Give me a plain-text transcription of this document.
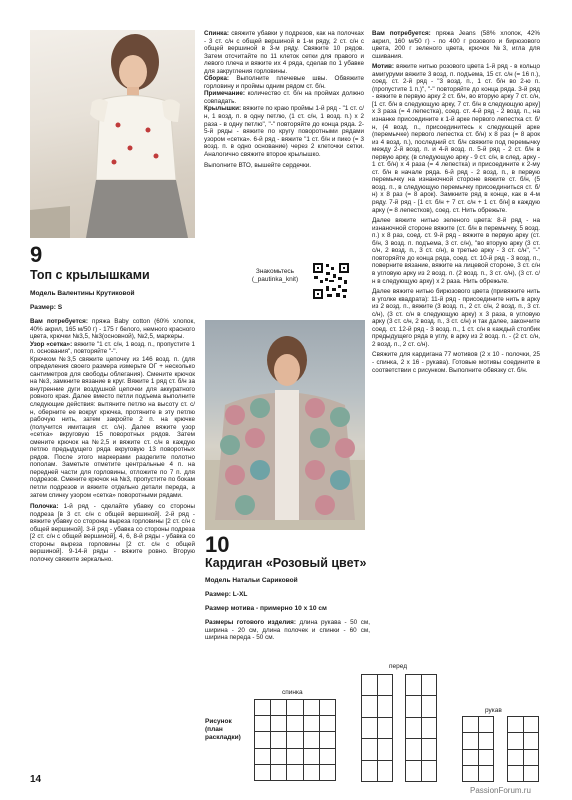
9
Топ с крылышками
Модель Валентины Крутиковой
Размер: S

Вам потребуется: пряжа Baby cotton (60% хлопок, 40% акрил, 165 м/50 г) - 175 г белого, немного красного цвета, крючки №3,5, №3(основной), №2,5, маркеры.

Узор «сетка»: вяжите "1 ст. с/н, 1 возд. п., пропустите 1 п. основания", повторяйте "-".

Крючком №3,5 свяжите цепочку из 146 возд. п. (для определения своего размера измерьте ОГ + несколько сантиметров для свободы облегания). Смените крючок на №3, замкните вязание в круг. Вяжите 1 ряд ст. б/н за внутренние дуги воздушной цепочки для аккуратного ровного края. Далее вместо петли подъема выполните следующие действия: вытяните петлю на высоту ст. с/н, оберните ее вокруг крючка, протяните в эту петлю рабочую нить, затем закройте 2 п. на крючке (получится имитация ст. с/н). Далее вяжите узор «сетка» вкруговую 15 поворотных рядов. Затем смените крючок на №2,5 и вяжите ст. с/н в каждую петлю предыдущего ряда вкруговую 13 поворотных рядов. После этого маркерами разделите полотно пополам. Заметьте отметите центральные 4 п. на передней части для горловины, отложите по 7 п. для подрезов. Смените крючок на №3, пропустите по бокам петли подрезов и вяжите отдельно детали переда, а затем спинку узором «сетка» поворотными рядами.

Полочка: 1-й ряд - сделайте убавку со стороны подреза [в 3 ст. с/н с общей вершиной]. 2-й ряд - вяжите убавку со стороны выреза горловины [2 ст. с/н с общей вершиной]. 3-й ряд - убавка со стороны подреза [2 ст. с/н с общей вершиной], 4, 6, 8-й ряды - убавка со стороны выреза горловины [2 ст. с/н с общей вершиной]. 9-14-й ряды - вяжите ровно. Вторую полочку свяжите зеркально.

Спинка: свяжите убавки у подрезов, как на полочках - 3 ст. с/н с общей вершиной в 1-м ряду, 2 ст. с/н с общей вершиной в 3-м ряду. Свяжите 10 рядов. Затем отсчитайте по 11 клеток сетки для правого и левого плеча и вяжите их 4 ряда, сделав по 1 убавке для закругления горловины.

Сборка: Выполните плечевые швы. Обвяжите горловину и проймы одним рядом ст. б/н.

Примечание: количество ст. б/н на проймах должно совпадать.

Крылышки: вяжите по краю проймы 1-й ряд - "1 ст. с/н, 1 возд. п. в одну петлю, (1 ст. с/н, 1 возд. п.) х 2 раза - в одну петлю", "-" повторяйте до конца ряда. 2-5-й ряды - вяжите по кругу поворотными рядами узором «сетка». 6-й ряд - вяжите "1 ст. б/н и пико (= 3 возд. п. в одно основание) через 2 клеточки сетки. Аналогично свяжите второе крылышко.

Выполните ВТО, вышейте сердечки.

Знакомьтесь
(_pautinka_knit)

Вам потребуется: пряжа Jeans (58% хлопок, 42% акрил, 160 м/50 г) - по 400 г розового и бирюзового цвета, 200 г зеленого цвета, крючок №3, игла для сшивания.

Мотив: вяжите нитью розового цвета 1-й ряд - в кольцо амигуруми вяжите 3 возд. п. подъема, 15 ст. с/н (= 16 п.), соед. ст. 2-й ряд - "3 возд. п., 1 ст. б/н во 2-ю п. (пропустите 1 п.)", "-" повторяйте до конца ряда. 3-й ряд - вяжите в первую арку 2 ст. б/н, во вторую арку 7 ст. с/н, [1 ст. б/н в следующую арку, 7 ст. б/н в следующую арку] х 3 раза (= 4 лепестка), соед. ст. 4-й ряд - 2 возд. п., на изнанке присоедините к 1-й арке первого лепестка ст. б/н, (4 возд. п., присоединитесь к следующей арке (перемычке) первого лепестка ст. б/н) х 8 раз (= 8 арок из 4 возд. п.), последний ст. б/н свяжите под перемычку между 2-й возд. п. и 4-й возд. п. 5-й ряд - 2 ст. б/н в первую арку, (в следующую арку - 9 ст. с/н, в след. арку - 1 ст. б/н) х 4 раза (= 4 лепестка) и присоедините к 2-му ст. б/н в начале ряда. 6-й ряд - 2 возд. п., в первую перемычку на изнаночной стороне вяжите ст. б/н, (5 возд. п., в следующую перемычку присоединиться ст. б/н) х 8 раз (= 8 арок). Замкните ряд в конце, как в 4-м ряду. 7-й ряд - [1 ст. б/н + 7 ст. с/н + 1 ст. б/н] в каждую арку (= 8 лепестков), соед. ст. Нить обрежьте.

Далее вяжите нитью зеленого цвета: 8-й ряд - на изнаночной стороне вяжите (ст. б/н в перемычку, 5 возд. п.) х 8 раз, соед. ст. 9-й ряд - вяжите в первую арку (ст. б/н, 3 возд. п. подъема, 3 ст. с/н), "во вторую арку (3 ст. с/н, 2 возд. п., 3 ст. с/н), в третью арку - 3 ст. с/н", "-" повторяйте до конца ряда, соед. ст. 10-й ряд - 3 возд. п., поверните вязание, вяжите на лицевой стороне, 3 ст. с/н в угловую арку из 2 возд. п. (2 возд. п., 3 ст. с/н), (3 ст. с/н в следующую арку) х 2 раза. Нить обрежьте.

Далее вяжите нитью бирюзового цвета (привяжите нить в уголке квадрата): 11-й ряд - присоедините нить в арку из 2 возд. п., вяжите (3 возд. п., 2 ст. с/н, 2 возд. п., 3 ст. с/н), (3 ст. с/н в следующую арку) х 3 раза, в угловую арку (3 ст. с/н, 2 возд. п., 3 ст. с/н) и так далее, закончите соед. ст. 12-й ряд - 3 возд. п., 1 ст. с/н в каждый столбик предыдущего ряда в углу, в арку из 2 возд. п. - (2 ст. с/н, 2 возд. п., 2 ст. с/н).

Свяжите для кардигана 77 мотивов (2 х 10 - полочки, 25 - спинка, 2 х 16 - рукава). Готовые мотивы соедините в соответствии с рисунком. Выполните обвязку ст. б/н.

10
Кардиган «Розовый цвет»
Модель Натальи Сариковой
Размер: L-XL
Размер мотива - примерно 10 х 10 см

Размеры готового изделия: длина рукава - 50 см, ширина - 20 см, длина полочек и спинки - 60 см, ширина переда - 50 см.

Рисунок (план раскладки)
спинка
перед
рукав

14
PassionForum.ru
